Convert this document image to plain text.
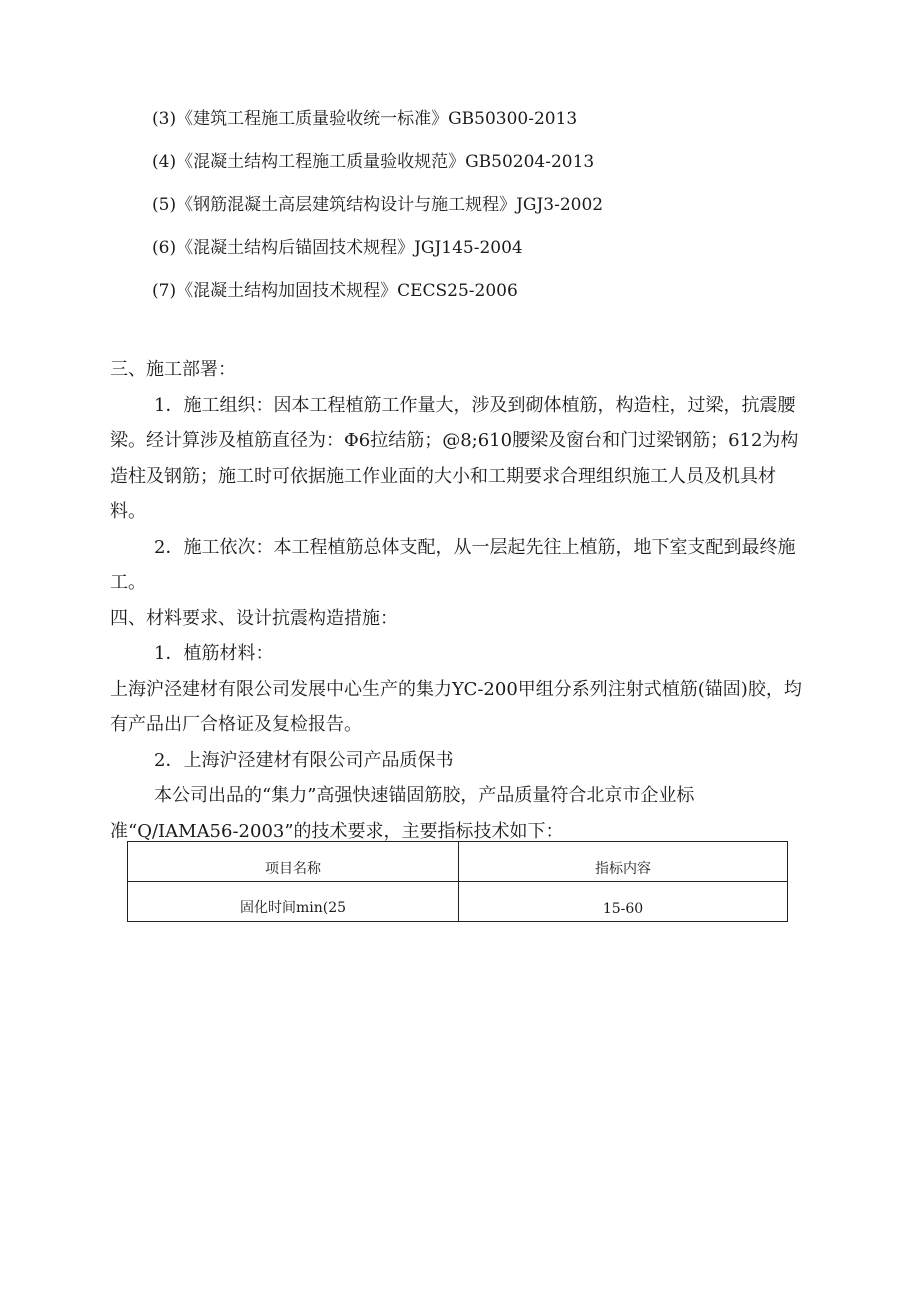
(3)《建筑工程施工质量验收统一标准》GB50300-2013
(4)《混凝土结构工程施工质量验收规范》GB50204-2013
(5)《钢筋混凝土高层建筑结构设计与施工规程》JGJ3-2002
(6)《混凝土结构后锚固技术规程》JGJ145-2004
(7)《混凝土结构加固技术规程》CECS25-2006

三、施工部署：

1．施工组织：因本工程植筋工作量大，涉及到砌体植筋，构造柱，过梁，抗震腰梁。经计算涉及植筋直径为：Φ6拉结筋；@8;610腰梁及窗台和门过梁钢筋；612为构造柱及钢筋；施工时可依据施工作业面的大小和工期要求合理组织施工人员及机具材料。

2．施工依次：本工程植筋总体支配，从一层起先往上植筋，地下室支配到最终施工。

四、材料要求、设计抗震构造措施：

1．植筋材料：

上海沪泾建材有限公司发展中心生产的集力YC-200甲组分系列注射式植筋(锚固)胶，均有产品出厂合格证及复检报告。

2．上海沪泾建材有限公司产品质保书

本公司出品的“集力”高强快速锚固筋胶，产品质量符合北京市企业标准“Q/IAMA56-2003”的技术要求，主要指标技术如下：

项目名称	指标内容
固化时间min(25	15-60
